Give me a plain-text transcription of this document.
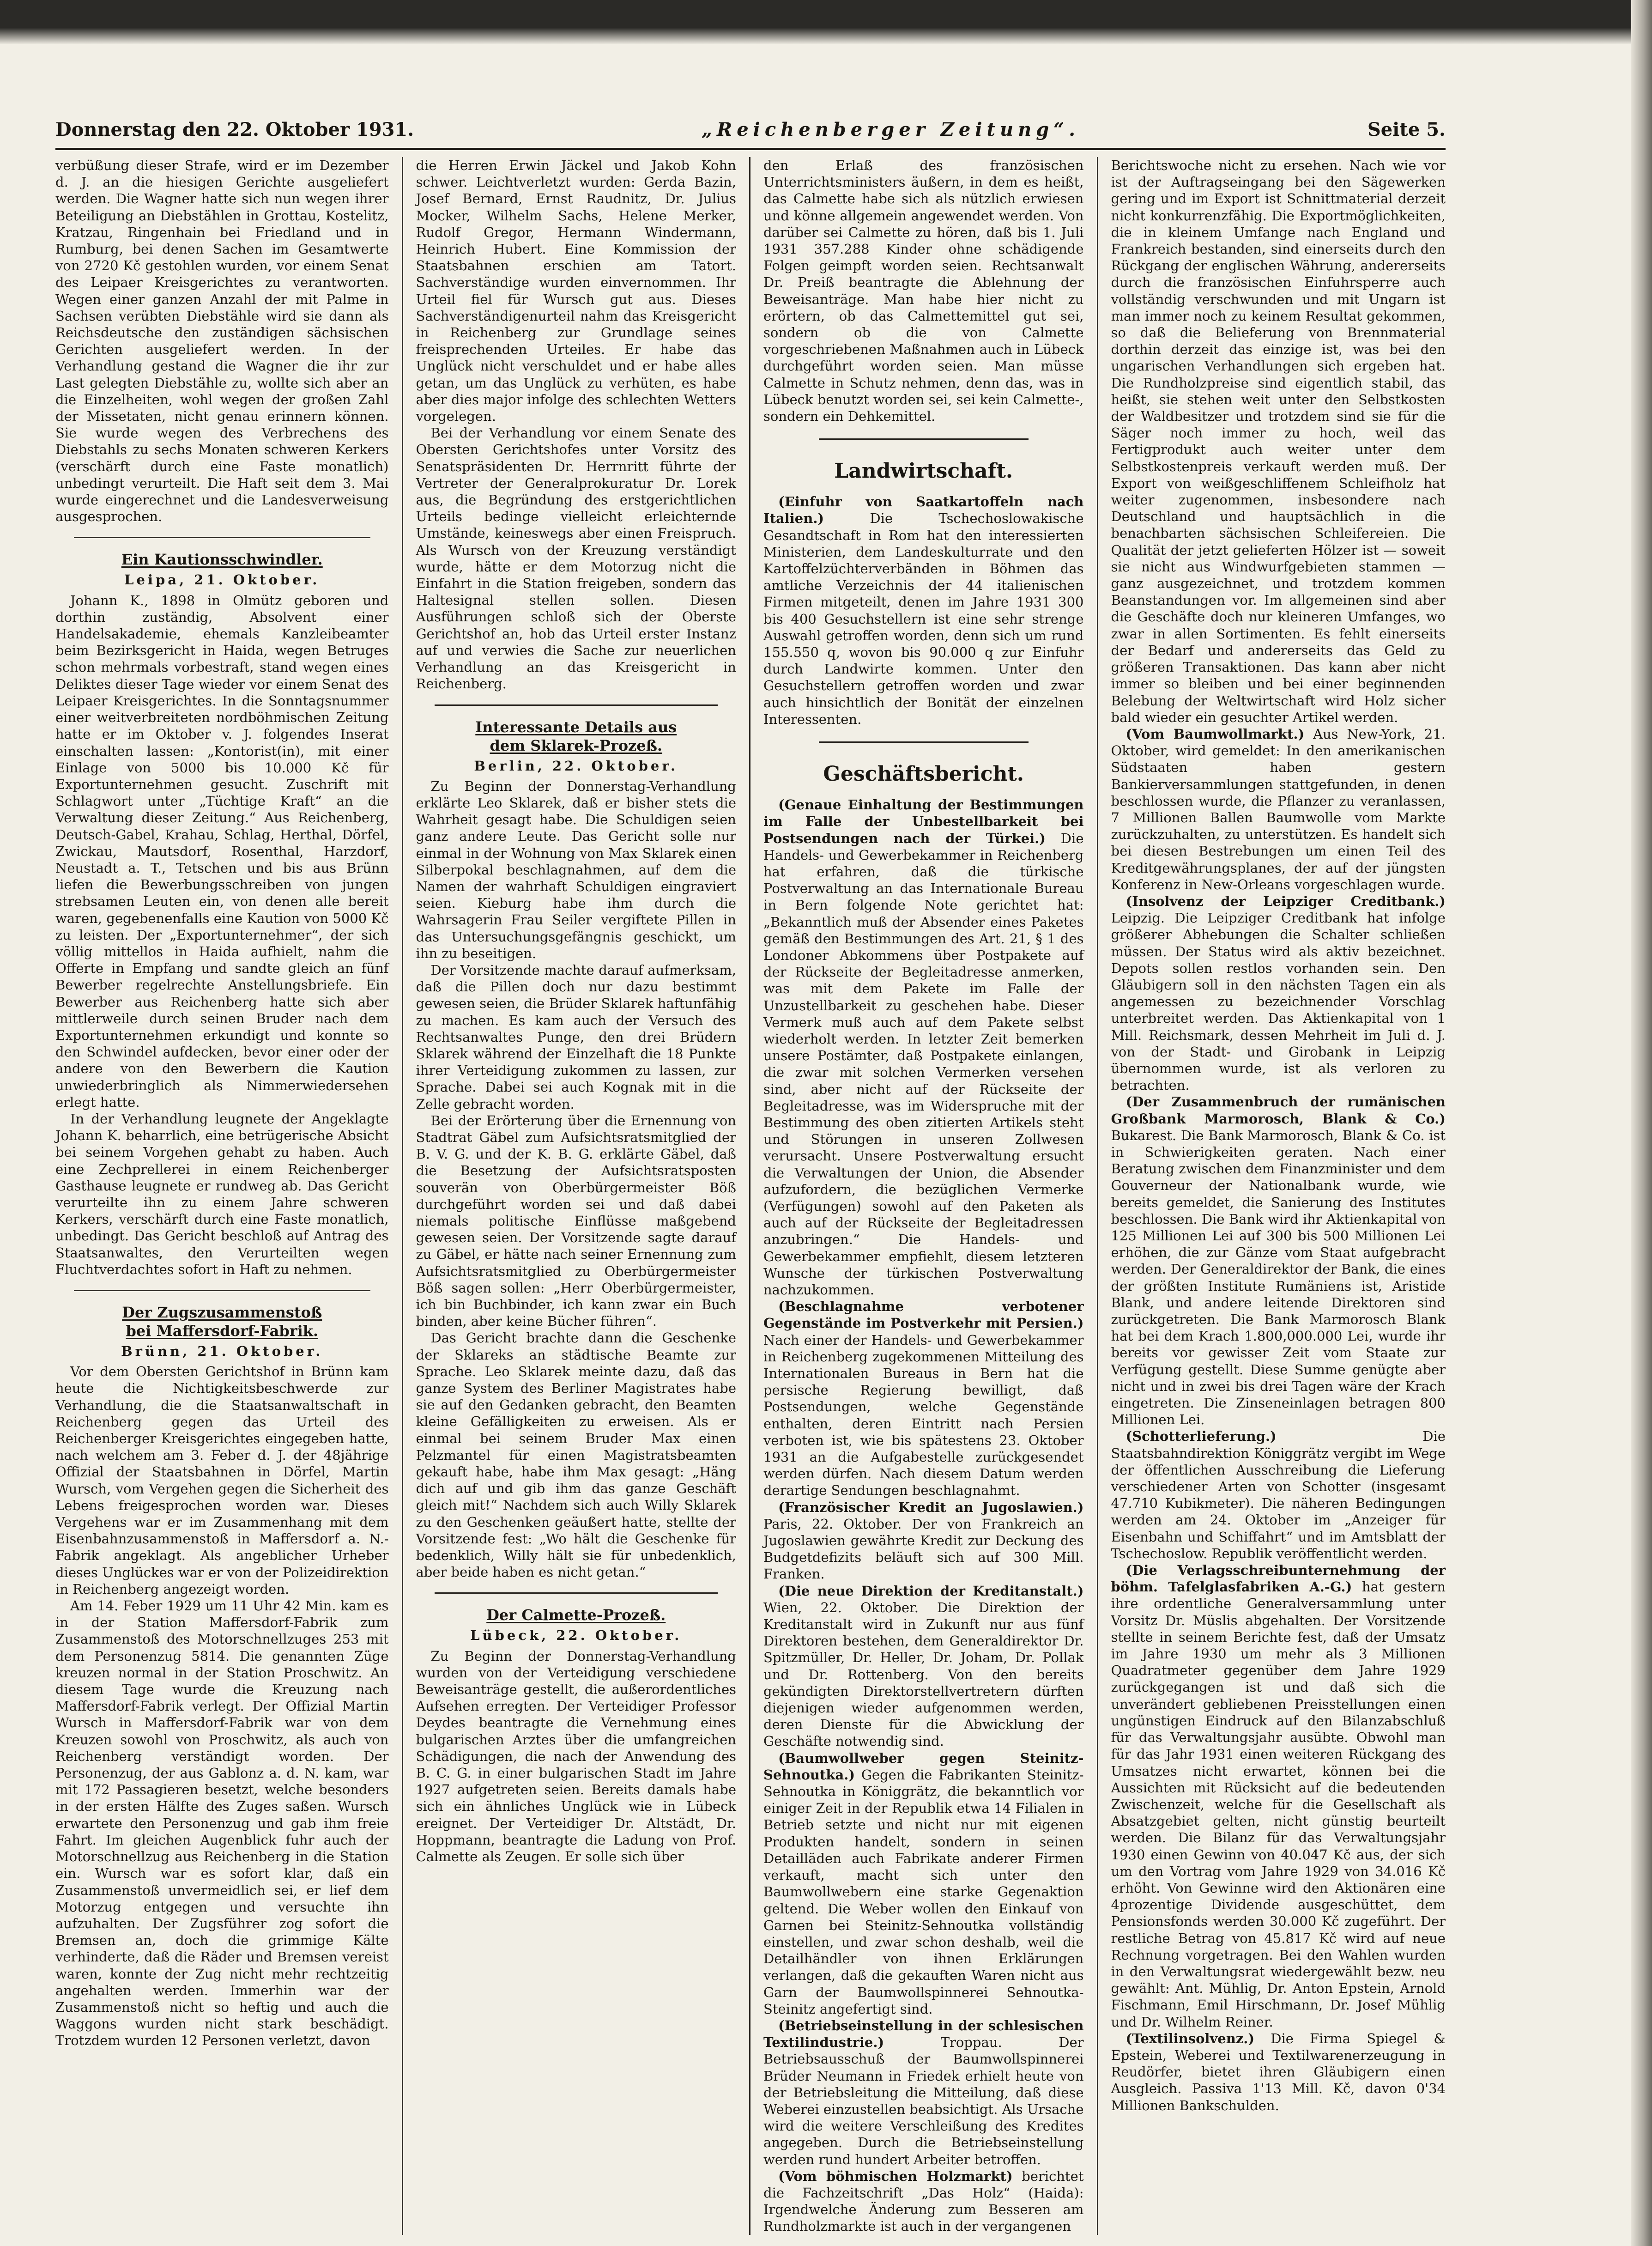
Donnerstag den 22. Oktober 1931.	„Reichenberger Zeitung“.	Seite 5.

verbüßung dieser Strafe, wird er im Dezember d. J. an die hiesigen Gerichte ausgeliefert werden. Die Wagner hatte sich nun wegen ihrer Beteiligung an Diebstählen in Grottau, Kostelitz, Kratzau, Ringenhain bei Friedland und in Rumburg, bei denen Sachen im Gesamtwerte von 2720 Kč gestohlen wurden, vor einem Senat des Leipaer Kreisgerichtes zu verantworten. Wegen einer ganzen Anzahl der mit Palme in Sachsen verübten Diebstähle wird sie dann als Reichsdeutsche den zuständigen sächsischen Gerichten ausgeliefert werden. In der Verhandlung gestand die Wagner die ihr zur Last gelegten Diebstähle zu, wollte sich aber an die Einzelheiten, wohl wegen der großen Zahl der Missetaten, nicht genau erinnern können. Sie wurde wegen des Verbrechens des Diebstahls zu sechs Monaten schweren Kerkers (verschärft durch eine Faste monatlich) unbedingt verurteilt. Die Haft seit dem 3. Mai wurde eingerechnet und die Landesverweisung ausgesprochen.

Ein Kautionsschwindler.
Leipa, 21. Oktober.

Johann K., 1898 in Olmütz geboren und dorthin zuständig, Absolvent einer Handelsakademie, ehemals Kanzleibeamter beim Bezirksgericht in Haida, wegen Betruges schon mehrmals vorbestraft, stand wegen eines Deliktes dieser Tage wieder vor einem Senat des Leipaer Kreisgerichtes. In die Sonntagsnummer einer weitverbreiteten nordböhmischen Zeitung hatte er im Oktober v. J. folgendes Inserat einschalten lassen: „Kontorist(in), mit einer Einlage von 5000 bis 10.000 Kč für Exportunternehmen gesucht. Zuschrift mit Schlagwort unter „Tüchtige Kraft“ an die Verwaltung dieser Zeitung.“ Aus Reichenberg, Deutsch-Gabel, Krahau, Schlag, Herthal, Dörfel, Zwickau, Mautsdorf, Rosenthal, Harzdorf, Neustadt a. T., Tetschen und bis aus Brünn liefen die Bewerbungsschreiben von jungen strebsamen Leuten ein, von denen alle bereit waren, gegebenenfalls eine Kaution von 5000 Kč zu leisten. Der „Exportunternehmer“, der sich völlig mittellos in Haida aufhielt, nahm die Offerte in Empfang und sandte gleich an fünf Bewerber regelrechte Anstellungsbriefe. Ein Bewerber aus Reichenberg hatte sich aber mittlerweile durch seinen Bruder nach dem Exportunternehmen erkundigt und konnte so den Schwindel aufdecken, bevor einer oder der andere von den Bewerbern die Kaution unwiederbringlich als Nimmerwiedersehen erlegt hatte.

In der Verhandlung leugnete der Angeklagte Johann K. beharrlich, eine betrügerische Absicht bei seinem Vorgehen gehabt zu haben. Auch eine Zechprellerei in einem Reichenberger Gasthause leugnete er rundweg ab. Das Gericht verurteilte ihn zu einem Jahre schweren Kerkers, verschärft durch eine Faste monatlich, unbedingt. Das Gericht beschloß auf Antrag des Staatsanwaltes, den Verurteilten wegen Fluchtverdachtes sofort in Haft zu nehmen.

Der Zugszusammenstoß
bei Maffersdorf-Fabrik.
Brünn, 21. Oktober.

Vor dem Obersten Gerichtshof in Brünn kam heute die Nichtigkeitsbeschwerde zur Verhandlung, die die Staatsanwaltschaft in Reichenberg gegen das Urteil des Reichenberger Kreisgerichtes eingegeben hatte, nach welchem am 3. Feber d. J. der 48jährige Offizial der Staatsbahnen in Dörfel, Martin Wursch, vom Vergehen gegen die Sicherheit des Lebens freigesprochen worden war. Dieses Vergehens war er im Zusammenhang mit dem Eisenbahnzusammenstoß in Maffersdorf a. N.-Fabrik angeklagt. Als angeblicher Urheber dieses Unglückes war er von der Polizeidirektion in Reichenberg angezeigt worden.

Am 14. Feber 1929 um 11 Uhr 42 Min. kam es in der Station Maffersdorf-Fabrik zum Zusammenstoß des Motorschnellzuges 253 mit dem Personenzug 5814. Die genannten Züge kreuzen normal in der Station Proschwitz. An diesem Tage wurde die Kreuzung nach Maffersdorf-Fabrik verlegt. Der Offizial Martin Wursch in Maffersdorf-Fabrik war von dem Kreuzen sowohl von Proschwitz, als auch von Reichenberg verständigt worden. Der Personenzug, der aus Gablonz a. d. N. kam, war mit 172 Passagieren besetzt, welche besonders in der ersten Hälfte des Zuges saßen. Wursch erwartete den Personenzug und gab ihm freie Fahrt. Im gleichen Augenblick fuhr auch der Motorschnellzug aus Reichenberg in die Station ein. Wursch war es sofort klar, daß ein Zusammenstoß unvermeidlich sei, er lief dem Motorzug entgegen und versuchte ihn aufzuhalten. Der Zugsführer zog sofort die Bremsen an, doch die grimmige Kälte verhinderte, daß die Räder und Bremsen vereist waren, konnte der Zug nicht mehr rechtzeitig angehalten werden. Immerhin war der Zusammenstoß nicht so heftig und auch die Waggons wurden nicht stark beschädigt. Trotzdem wurden 12 Personen verletzt, davon

die Herren Erwin Jäckel und Jakob Kohn schwer. Leichtverletzt wurden: Gerda Bazin, Josef Bernard, Ernst Raudnitz, Dr. Julius Mocker, Wilhelm Sachs, Helene Merker, Rudolf Gregor, Hermann Windermann, Heinrich Hubert. Eine Kommission der Staatsbahnen erschien am Tatort. Sachverständige wurden einvernommen. Ihr Urteil fiel für Wursch gut aus. Dieses Sachverständigenurteil nahm das Kreisgericht in Reichenberg zur Grundlage seines freisprechenden Urteiles. Er habe das Unglück nicht verschuldet und er habe alles getan, um das Unglück zu verhüten, es habe aber dies major infolge des schlechten Wetters vorgelegen.

Bei der Verhandlung vor einem Senate des Obersten Gerichtshofes unter Vorsitz des Senatspräsidenten Dr. Herrnritt führte der Vertreter der Generalprokuratur Dr. Lorek aus, die Begründung des erstgerichtlichen Urteils bedinge vielleicht erleichternde Umstände, keineswegs aber einen Freispruch. Als Wursch von der Kreuzung verständigt wurde, hätte er dem Motorzug nicht die Einfahrt in die Station freigeben, sondern das Haltesignal stellen sollen. Diesen Ausführungen schloß sich der Oberste Gerichtshof an, hob das Urteil erster Instanz auf und verwies die Sache zur neuerlichen Verhandlung an das Kreisgericht in Reichenberg.

Interessante Details aus
dem Sklarek-Prozeß.
Berlin, 22. Oktober.

Zu Beginn der Donnerstag-Verhandlung erklärte Leo Sklarek, daß er bisher stets die Wahrheit gesagt habe. Die Schuldigen seien ganz andere Leute. Das Gericht solle nur einmal in der Wohnung von Max Sklarek einen Silberpokal beschlagnahmen, auf dem die Namen der wahrhaft Schuldigen eingraviert seien. Kieburg habe ihm durch die Wahrsagerin Frau Seiler vergiftete Pillen in das Untersuchungsgefängnis geschickt, um ihn zu beseitigen.

Der Vorsitzende machte darauf aufmerksam, daß die Pillen doch nur dazu bestimmt gewesen seien, die Brüder Sklarek haftunfähig zu machen. Es kam auch der Versuch des Rechtsanwaltes Punge, den drei Brüdern Sklarek während der Einzelhaft die 18 Punkte ihrer Verteidigung zukommen zu lassen, zur Sprache. Dabei sei auch Kognak mit in die Zelle gebracht worden.

Bei der Erörterung über die Ernennung von Stadtrat Gäbel zum Aufsichtsratsmitglied der B. V. G. und der K. B. G. erklärte Gäbel, daß die Besetzung der Aufsichtsratsposten souverän von Oberbürgermeister Böß durchgeführt worden sei und daß dabei niemals politische Einflüsse maßgebend gewesen seien. Der Vorsitzende sagte darauf zu Gäbel, er hätte nach seiner Ernennung zum Aufsichtsratsmitglied zu Oberbürgermeister Böß sagen sollen: „Herr Oberbürgermeister, ich bin Buchbinder, ich kann zwar ein Buch binden, aber keine Bücher führen“.

Das Gericht brachte dann die Geschenke der Sklareks an städtische Beamte zur Sprache. Leo Sklarek meinte dazu, daß das ganze System des Berliner Magistrates habe sie auf den Gedanken gebracht, den Beamten kleine Gefälligkeiten zu erweisen. Als er einmal bei seinem Bruder Max einen Pelzmantel für einen Magistratsbeamten gekauft habe, habe ihm Max gesagt: „Häng dich auf und gib ihm das ganze Geschäft gleich mit!“ Nachdem sich auch Willy Sklarek zu den Geschenken geäußert hatte, stellte der Vorsitzende fest: „Wo hält die Geschenke für bedenklich, Willy hält sie für unbedenklich, aber beide haben es nicht getan.“

Der Calmette-Prozeß.
Lübeck, 22. Oktober.

Zu Beginn der Donnerstag-Verhandlung wurden von der Verteidigung verschiedene Beweisanträge gestellt, die außerordentliches Aufsehen erregten. Der Verteidiger Professor Deydes beantragte die Vernehmung eines bulgarischen Arztes über die umfangreichen Schädigungen, die nach der Anwendung des B. C. G. in einer bulgarischen Stadt im Jahre 1927 aufgetreten seien. Bereits damals habe sich ein ähnliches Unglück wie in Lübeck ereignet. Der Verteidiger Dr. Altstädt, Dr. Hoppmann, beantragte die Ladung von Prof. Calmette als Zeugen. Er solle sich über

den Erlaß des französischen Unterrichtsministers äußern, in dem es heißt, das Calmette habe sich als nützlich erwiesen und könne allgemein angewendet werden. Von darüber sei Calmette zu hören, daß bis 1. Juli 1931 357.288 Kinder ohne schädigende Folgen geimpft worden seien. Rechtsanwalt Dr. Preiß beantragte die Ablehnung der Beweisanträge. Man habe hier nicht zu erörtern, ob das Calmettemittel gut sei, sondern ob die von Calmette vorgeschriebenen Maßnahmen auch in Lübeck durchgeführt worden seien. Man müsse Calmette in Schutz nehmen, denn das, was in Lübeck benutzt worden sei, sei kein Calmette-, sondern ein Dehkemittel.

Landwirtschaft.

(Einfuhr von Saatkartoffeln nach Italien.)	Die Tschechoslowakische Gesandtschaft in Rom hat den interessierten Ministerien, dem Landeskulturrate und den Kartoffelzüchterverbänden in Böhmen das amtliche Verzeichnis der 44 italienischen Firmen mitgeteilt, denen im Jahre 1931 300 bis 400 Gesuchstellern ist eine sehr strenge Auswahl getroffen worden, denn sich um rund 155.550 q, wovon bis 90.000 q zur Einfuhr durch Landwirte kommen. Unter den Gesuchstellern getroffen worden und zwar auch hinsichtlich der Bonität der einzelnen Interessenten.

Geschäftsbericht.

(Genaue Einhaltung der Bestimmungen im Falle der Unbestellbarkeit bei Postsendungen nach der Türkei.) Die Handels- und Gewerbekammer in Reichenberg hat erfahren, daß die türkische Postverwaltung an das Internationale Bureau in Bern folgende Note gerichtet hat: „Bekanntlich muß der Absender eines Paketes gemäß den Bestimmungen des Art. 21, § 1 des Londoner Abkommens über Postpakete auf der Rückseite der Begleitadresse anmerken, was mit dem Pakete im Falle der Unzustellbarkeit zu geschehen habe. Dieser Vermerk muß auch auf dem Pakete selbst wiederholt werden. In letzter Zeit bemerken unsere Postämter, daß Postpakete einlangen, die zwar mit solchen Vermerken versehen sind, aber nicht auf der Rückseite der Begleitadresse, was im Widerspruche mit der Bestimmung des oben zitierten Artikels steht und Störungen in unseren Zollwesen verursacht. Unsere Postverwaltung ersucht die Verwaltungen der Union, die Absender aufzufordern, die bezüglichen Vermerke (Verfügungen) sowohl auf den Paketen als auch auf der Rückseite der Begleitadressen anzubringen.“ Die Handels- und Gewerbekammer empfiehlt, diesem letzteren Wunsche der türkischen Postverwaltung nachzukommen.

(Beschlagnahme verbotener Gegenstände im Postverkehr mit Persien.) Nach einer der Handels- und Gewerbekammer in Reichenberg zugekommenen Mitteilung des Internationalen Bureaus in Bern hat die persische Regierung bewilligt, daß Postsendungen, welche Gegenstände enthalten, deren Eintritt nach Persien verboten ist, wie bis spätestens 23. Oktober 1931 an die Aufgabestelle zurückgesendet werden dürfen. Nach diesem Datum werden derartige Sendungen beschlagnahmt.

(Französischer Kredit an Jugoslawien.) Paris, 22. Oktober. Der von Frankreich an Jugoslawien gewährte Kredit zur Deckung des Budgetdefizits beläuft sich auf 300 Mill. Franken.

(Die neue Direktion der Kreditanstalt.) Wien, 22. Oktober. Die Direktion der Kreditanstalt wird in Zukunft nur aus fünf Direktoren bestehen, dem Generaldirektor Dr. Spitzmüller, Dr. Heller, Dr. Joham, Dr. Pollak und Dr. Rottenberg. Von den bereits gekündigten Direktorstellvertretern dürften diejenigen wieder aufgenommen werden, deren Dienste für die Abwicklung der Geschäfte notwendig sind.

(Baumwollweber gegen Steinitz-Sehnoutka.) Gegen die Fabrikanten Steinitz-Sehnoutka in Königgrätz, die bekanntlich vor einiger Zeit in der Republik etwa 14 Filialen in Betrieb setzte und nicht nur mit eigenen Produkten handelt, sondern in seinen Detailläden auch Fabrikate anderer Firmen verkauft, macht sich unter den Baumwollwebern eine starke Gegenaktion geltend. Die Weber wollen den Einkauf von Garnen bei Steinitz-Sehnoutka vollständig einstellen, und zwar schon deshalb, weil die Detailhändler von ihnen Erklärungen verlangen, daß die gekauften Waren nicht aus Garn der Baumwollspinnerei Sehnoutka-Steinitz angefertigt sind.

(Betriebseinstellung in der schlesischen Textilindustrie.)	Troppau. Der Betriebsausschuß der Baumwollspinnerei Brüder Neumann in Friedek erhielt heute von der Betriebsleitung die Mitteilung, daß diese Weberei einzustellen beabsichtigt. Als Ursache wird die weitere Verschleißung des Kredites angegeben. Durch die Betriebseinstellung werden rund hundert Arbeiter betroffen.

(Vom böhmischen Holzmarkt) berichtet die Fachzeitschrift „Das Holz“ (Haida): Irgendwelche Änderung zum Besseren am Rundholzmarkte ist auch in der vergangenen

Berichtswoche nicht zu ersehen. Nach wie vor ist der Auftragseingang bei den Sägewerken gering und im Export ist Schnittmaterial derzeit nicht konkurrenzfähig. Die Exportmöglichkeiten, die in kleinem Umfange nach England und Frankreich bestanden, sind einerseits durch den Rückgang der englischen Währung, andererseits durch die französischen Einfuhrsperre auch vollständig verschwunden und mit Ungarn ist man immer noch zu keinem Resultat gekommen, so daß die Belieferung von Brennmaterial dorthin derzeit das einzige ist, was bei den ungarischen Verhandlungen sich ergeben hat. Die Rundholzpreise sind eigentlich stabil, das heißt, sie stehen weit unter den Selbstkosten der Waldbesitzer und trotzdem sind sie für die Säger noch immer zu hoch, weil das Fertigprodukt auch weiter unter dem Selbstkostenpreis verkauft werden muß. Der Export von weißgeschliffenem Schleifholz hat weiter zugenommen, insbesondere nach Deutschland und hauptsächlich in die benachbarten sächsischen Schleifereien. Die Qualität der jetzt gelieferten Hölzer ist — soweit sie nicht aus Windwurfgebieten stammen — ganz ausgezeichnet, und trotzdem kommen Beanstandungen vor. Im allgemeinen sind aber die Geschäfte doch nur kleineren Umfanges, wo zwar in allen Sortimenten. Es fehlt einerseits der Bedarf und andererseits das Geld zu größeren Transaktionen. Das kann aber nicht immer so bleiben und bei einer beginnenden Belebung der Weltwirtschaft wird Holz sicher bald wieder ein gesuchter Artikel werden.

(Vom Baumwollmarkt.) Aus New-York, 21. Oktober, wird gemeldet: In den amerikanischen Südstaaten haben gestern Bankierversammlungen stattgefunden, in denen beschlossen wurde, die Pflanzer zu veranlassen, 7 Millionen Ballen Baumwolle vom Markte zurückzuhalten, zu unterstützen. Es handelt sich bei diesen Bestrebungen um einen Teil des Kreditgewährungsplanes, der auf der jüngsten Konferenz in New-Orleans vorgeschlagen wurde.

(Insolvenz der Leipziger Creditbank.) Leipzig. Die Leipziger Creditbank hat infolge größerer Abhebungen die Schalter schließen müssen. Der Status wird als aktiv bezeichnet. Depots sollen restlos vorhanden sein. Den Gläubigern soll in den nächsten Tagen ein als angemessen zu bezeichnender Vorschlag unterbreitet werden. Das Aktienkapital von 1 Mill. Reichsmark, dessen Mehrheit im Juli d. J. von der Stadt- und Girobank in Leipzig übernommen wurde, ist als verloren zu betrachten.

(Der Zusammenbruch der rumänischen Großbank Marmorosch, Blank & Co.) Bukarest. Die Bank Marmorosch, Blank & Co. ist in Schwierigkeiten geraten. Nach einer Beratung zwischen dem Finanzminister und dem Gouverneur der Nationalbank wurde, wie bereits gemeldet, die Sanierung des Institutes beschlossen. Die Bank wird ihr Aktienkapital von 125 Millionen Lei auf 300 bis 500 Millionen Lei erhöhen, die zur Gänze vom Staat aufgebracht werden. Der Generaldirektor der Bank, die eines der größten Institute Rumäniens ist, Aristide Blank, und andere leitende Direktoren sind zurückgetreten. Die Bank Marmorosch Blank hat bei dem Krach 1.800,000.000 Lei, wurde ihr bereits vor gewisser Zeit vom Staate zur Verfügung gestellt. Diese Summe genügte aber nicht und in zwei bis drei Tagen wäre der Krach eingetreten. Die Zinseneinlagen betragen 800 Millionen Lei.

(Schotterlieferung.)	Die Staatsbahndirektion Königgrätz vergibt im Wege der öffentlichen Ausschreibung die Lieferung verschiedener Arten von Schotter (insgesamt 47.710 Kubikmeter). Die näheren Bedingungen werden am 24. Oktober im „Anzeiger für Eisenbahn und Schiffahrt“ und im Amtsblatt der Tschechoslow. Republik veröffentlicht werden.

(Die Verlagsschreibunternehmung der böhm. Tafelglasfabriken A.-G.) hat gestern ihre ordentliche Generalversammlung unter Vorsitz Dr. Müslis abgehalten. Der Vorsitzende stellte in seinem Berichte fest, daß der Umsatz im Jahre 1930 um mehr als 3 Millionen Quadratmeter gegenüber dem Jahre 1929 zurückgegangen ist und daß sich die unverändert gebliebenen Preisstellungen einen ungünstigen Eindruck auf den Bilanzabschluß für das Verwaltungsjahr ausübte. Obwohl man für das Jahr 1931 einen weiteren Rückgang des Umsatzes nicht erwartet, können bei die Aussichten mit Rücksicht auf die bedeutenden Zwischenzeit, welche für die Gesellschaft als Absatzgebiet gelten, nicht günstig beurteilt werden. Die Bilanz für das Verwaltungsjahr 1930 einen Gewinn von 40.047 Kč aus, der sich um den Vortrag vom Jahre 1929 von 34.016 Kč erhöht. Von Gewinne wird den Aktionären eine 4prozentige Dividende ausgeschüttet, dem Pensionsfonds werden 30.000 Kč zugeführt. Der restliche Betrag von 45.817 Kč wird auf neue Rechnung vorgetragen. Bei den Wahlen wurden in den Verwaltungsrat wiedergewählt bezw. neu gewählt: Ant. Mühlig, Dr. Anton Epstein, Arnold Fischmann, Emil Hirschmann, Dr. Josef Mühlig und Dr. Wilhelm Reiner.

(Textilinsolvenz.) Die Firma Spiegel & Epstein, Weberei und Textilwarenerzeugung in Reudörfer, bietet ihren Gläubigern einen Ausgleich. Passiva 1'13 Mill. Kč, davon 0'34 Millionen Bankschulden.
